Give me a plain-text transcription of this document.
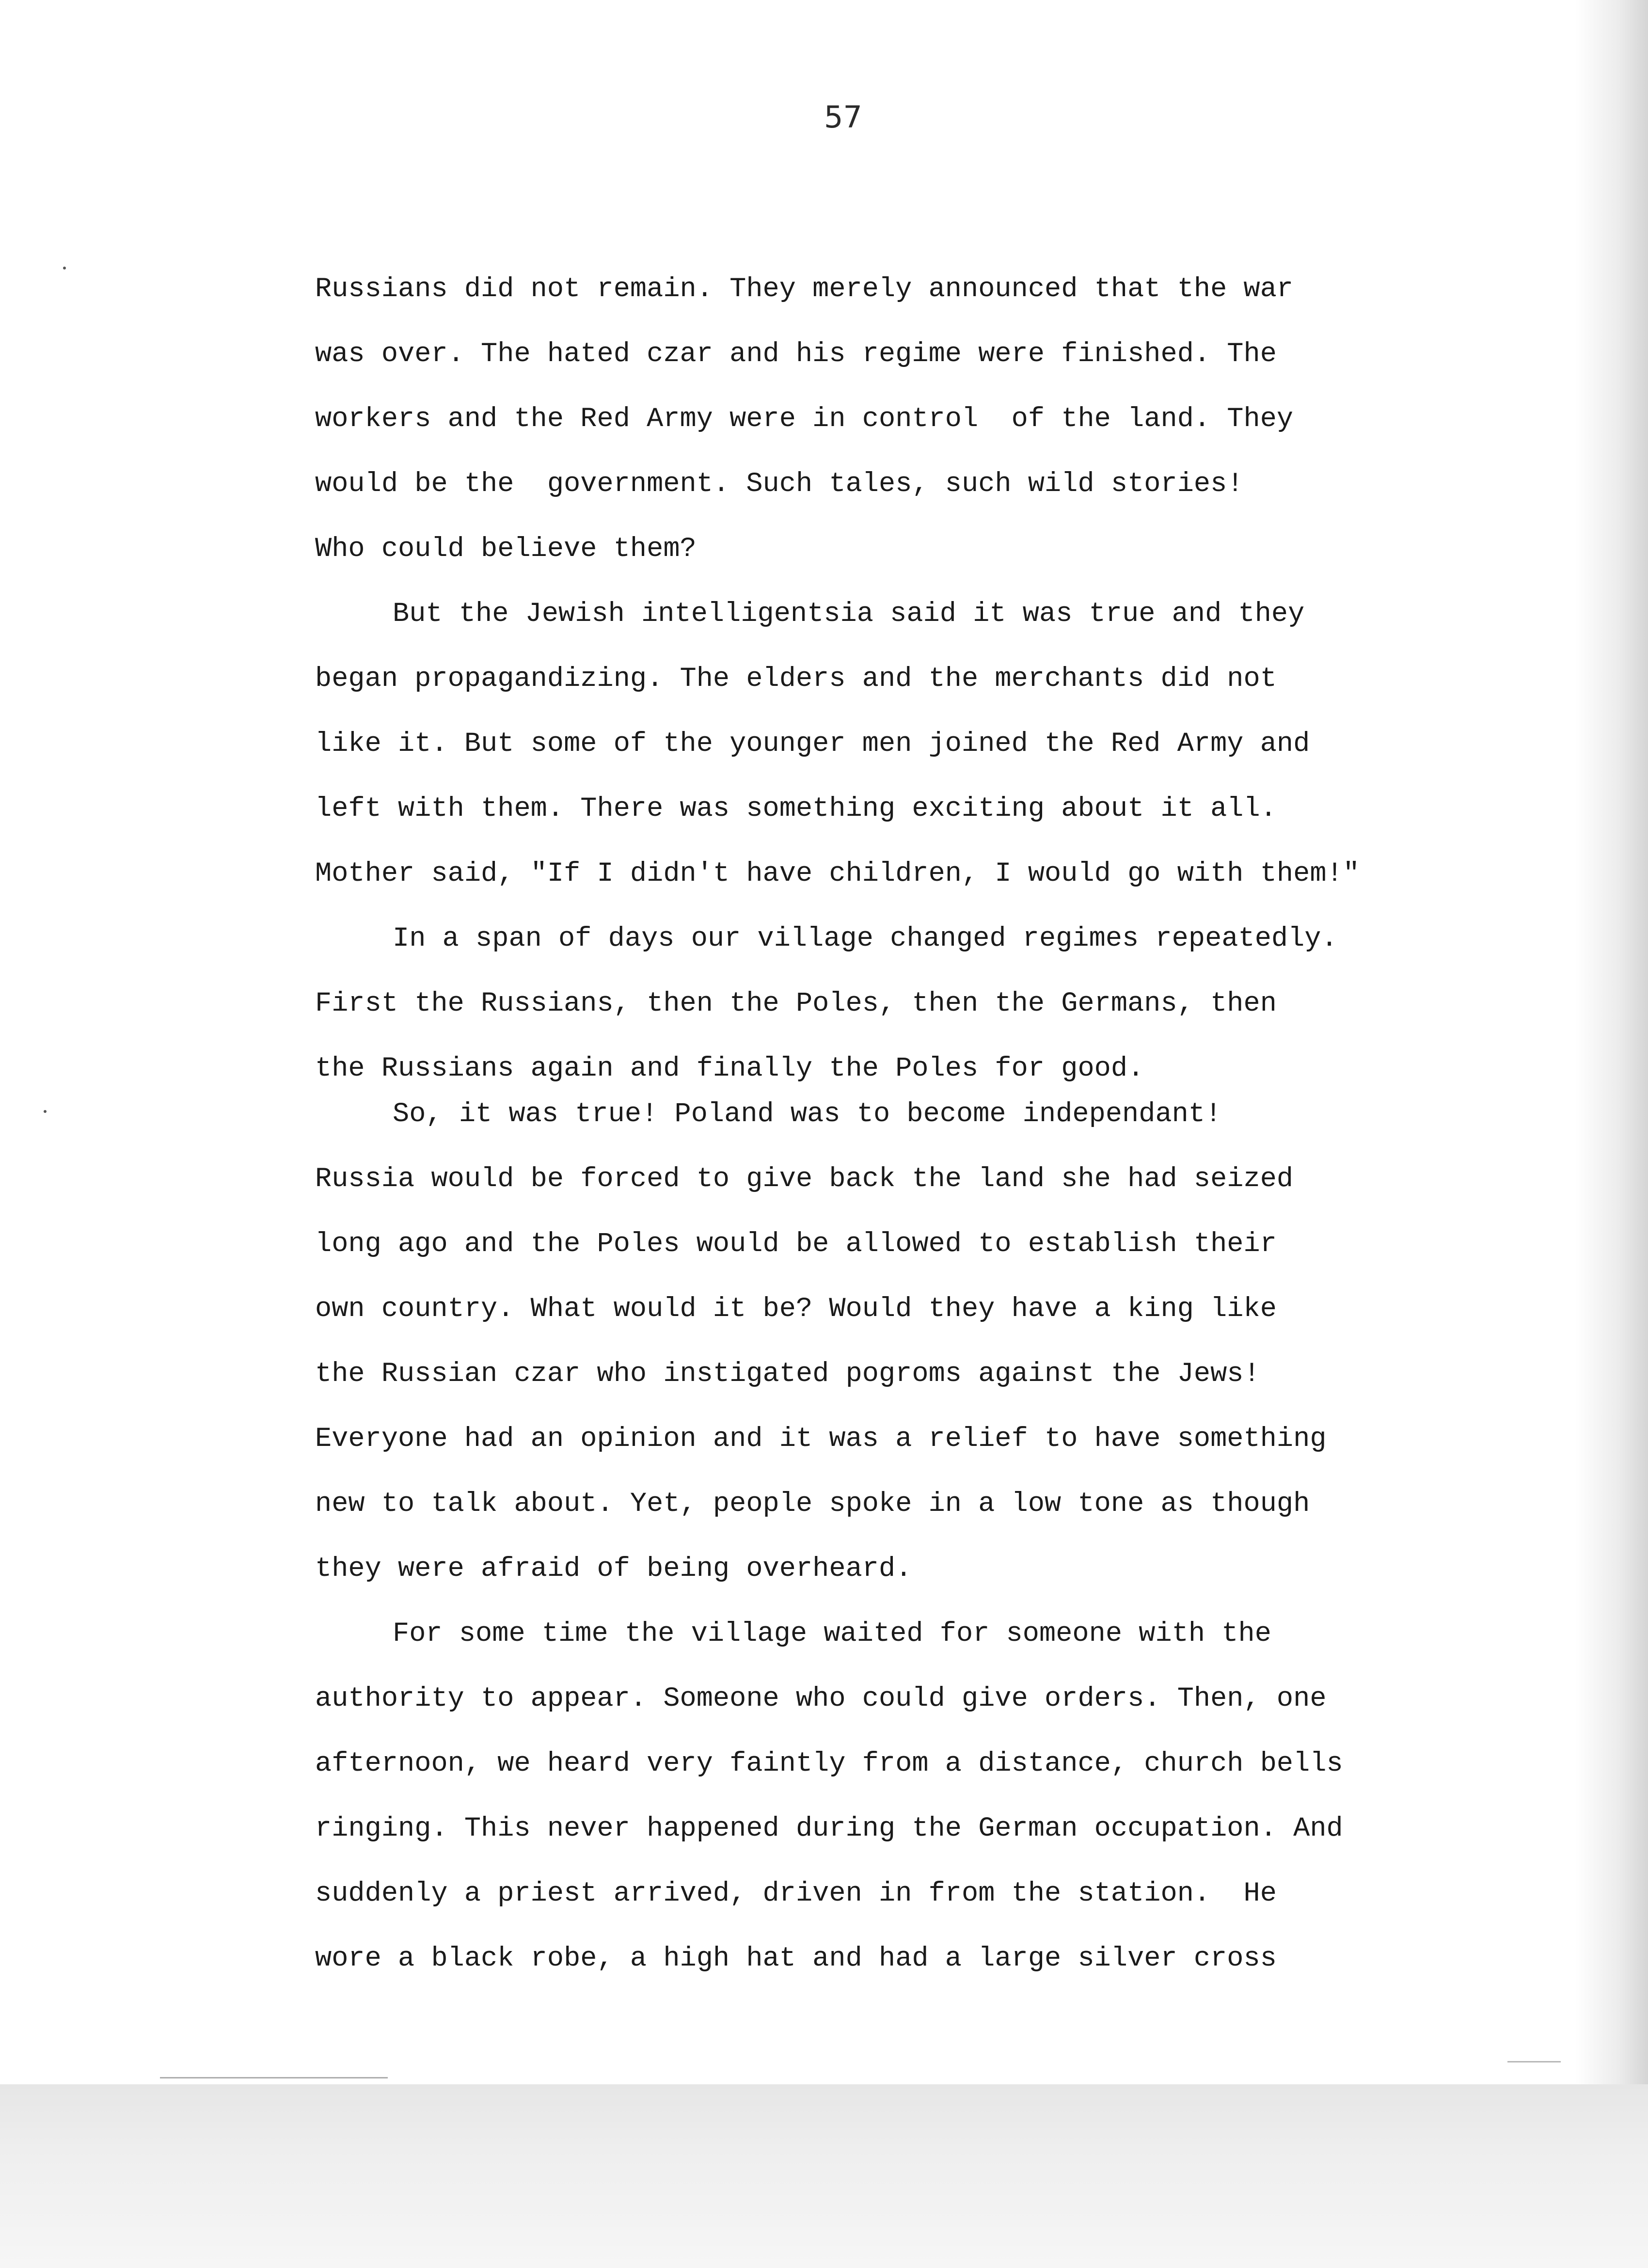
57
Russians did not remain. They merely announced that the war
was over. The hated czar and his regime were finished. The
workers and the Red Army were in control  of the land. They
would be the  government. Such tales, such wild stories!
Who could believe them?
But the Jewish intelligentsia said it was true and they
began propagandizing. The elders and the merchants did not
like it. But some of the younger men joined the Red Army and
left with them. There was something exciting about it all.
Mother said, "If I didn't have children, I would go with them!"
In a span of days our village changed regimes repeatedly.
First the Russians, then the Poles, then the Germans, then
the Russians again and finally the Poles for good.
So, it was true! Poland was to become independant!
Russia would be forced to give back the land she had seized
long ago and the Poles would be allowed to establish their
own country. What would it be? Would they have a king like
the Russian czar who instigated pogroms against the Jews!
Everyone had an opinion and it was a relief to have something
new to talk about. Yet, people spoke in a low tone as though
they were afraid of being overheard.
For some time the village waited for someone with the
authority to appear. Someone who could give orders. Then, one
afternoon, we heard very faintly from a distance, church bells
ringing. This never happened during the German occupation. And
suddenly a priest arrived, driven in from the station.  He
wore a black robe, a high hat and had a large silver cross
